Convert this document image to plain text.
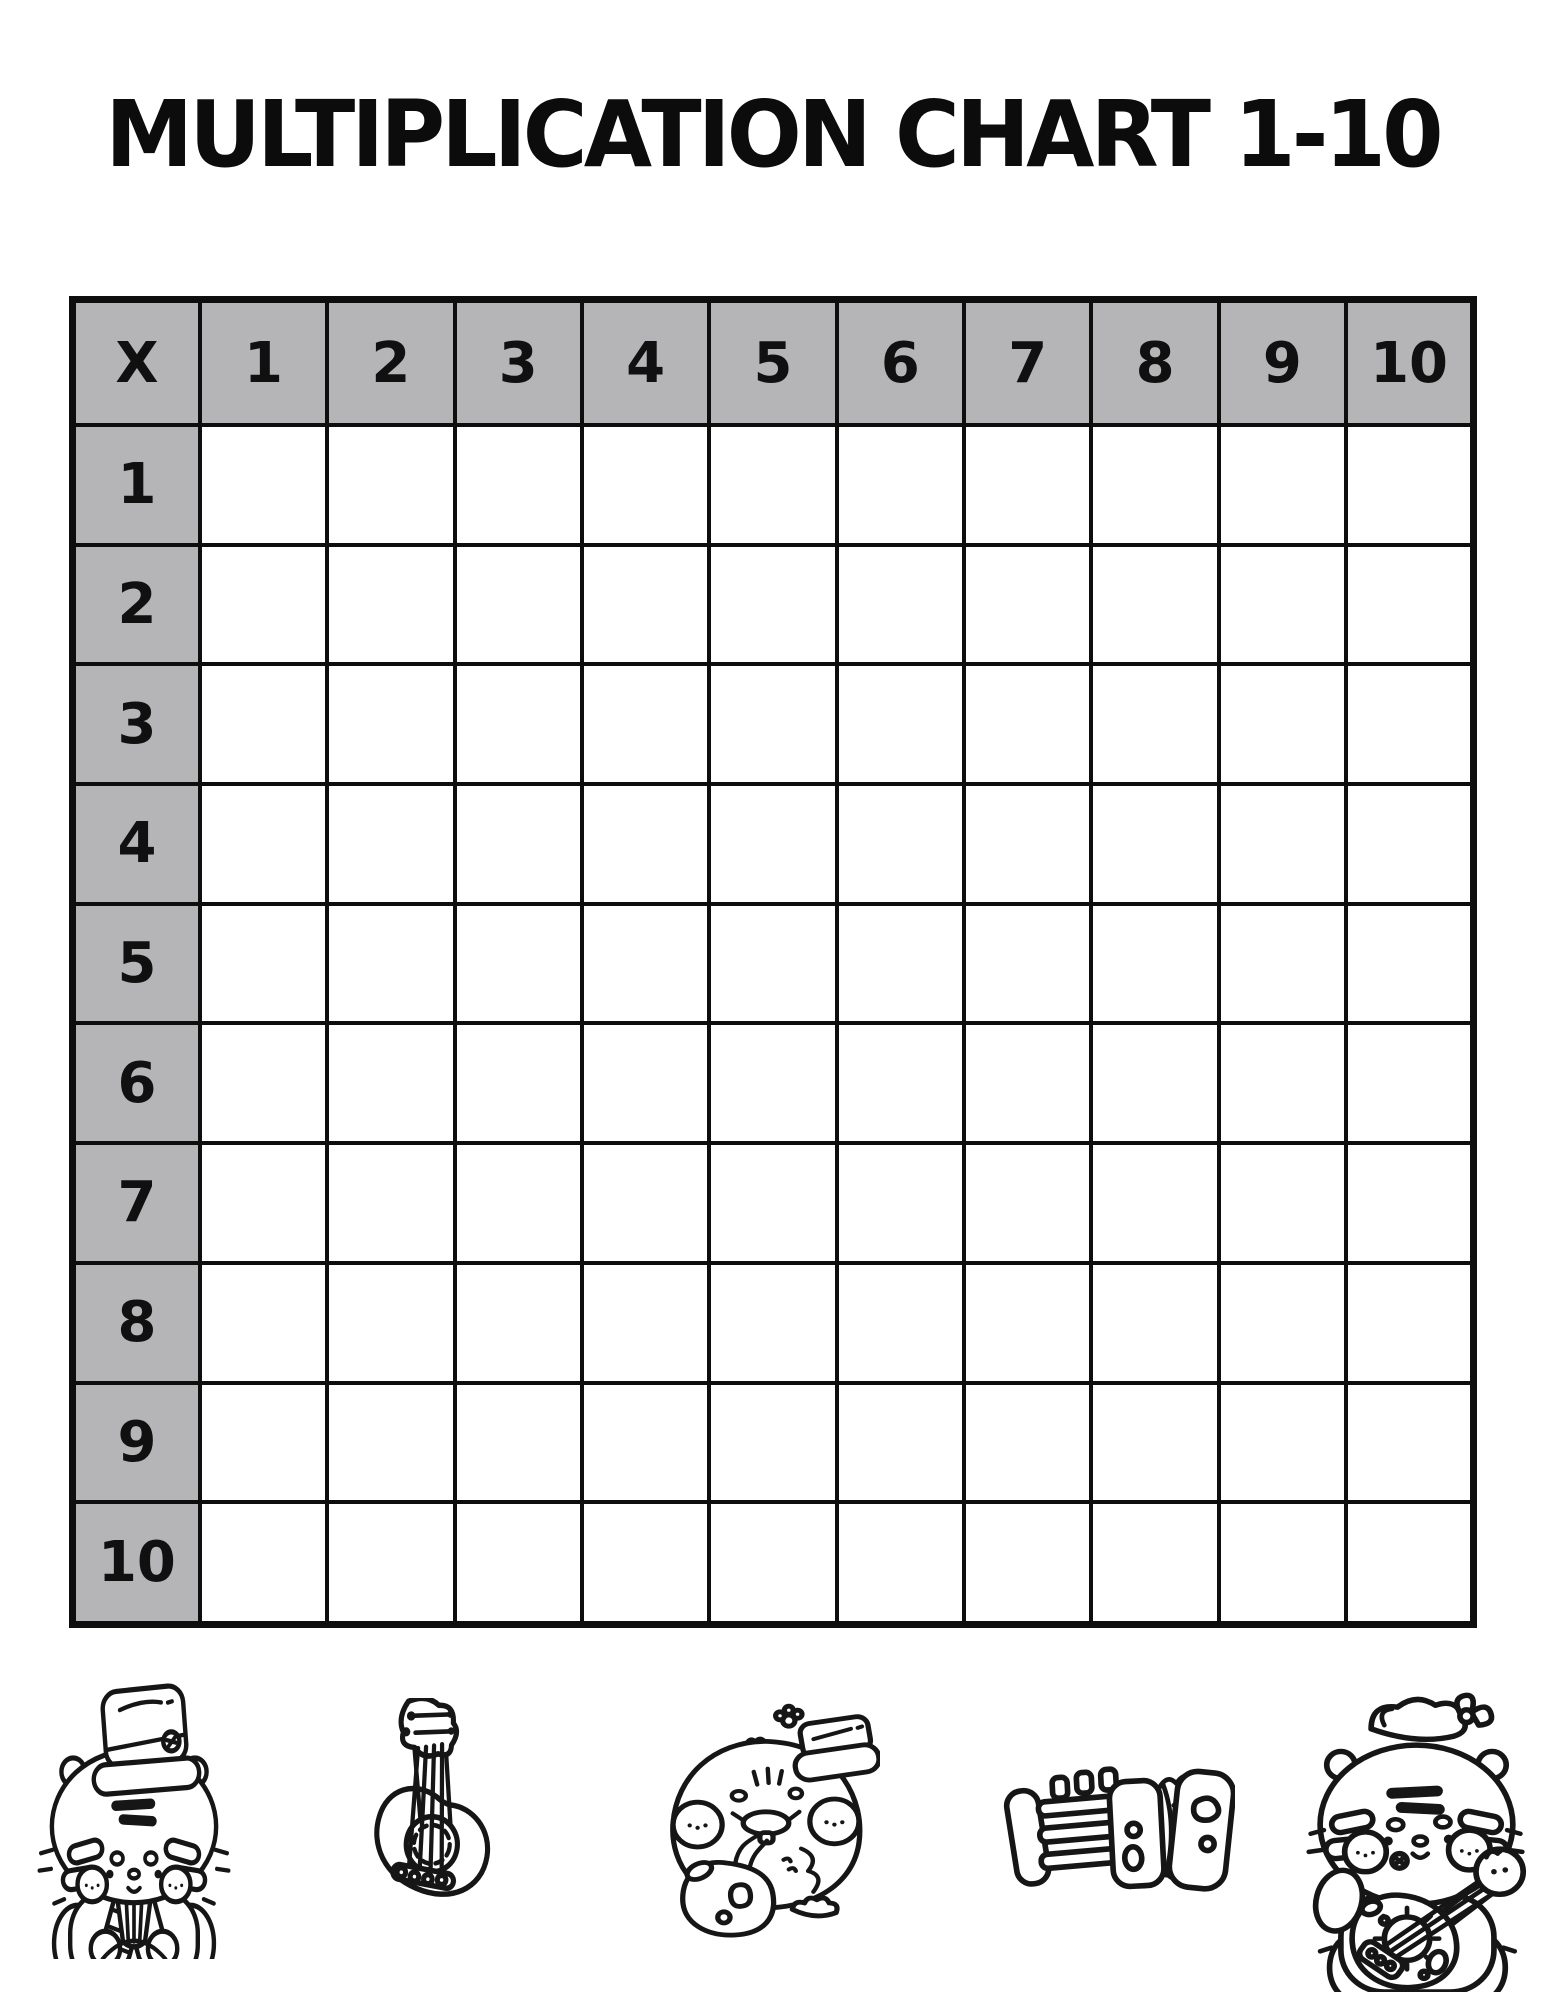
MULTIPLICATION CHART 1-10
X	1	2	3	4	5	6	7	8	9	10
1										
2										
3										
4										
5										
6										
7										
8										
9										
10										
